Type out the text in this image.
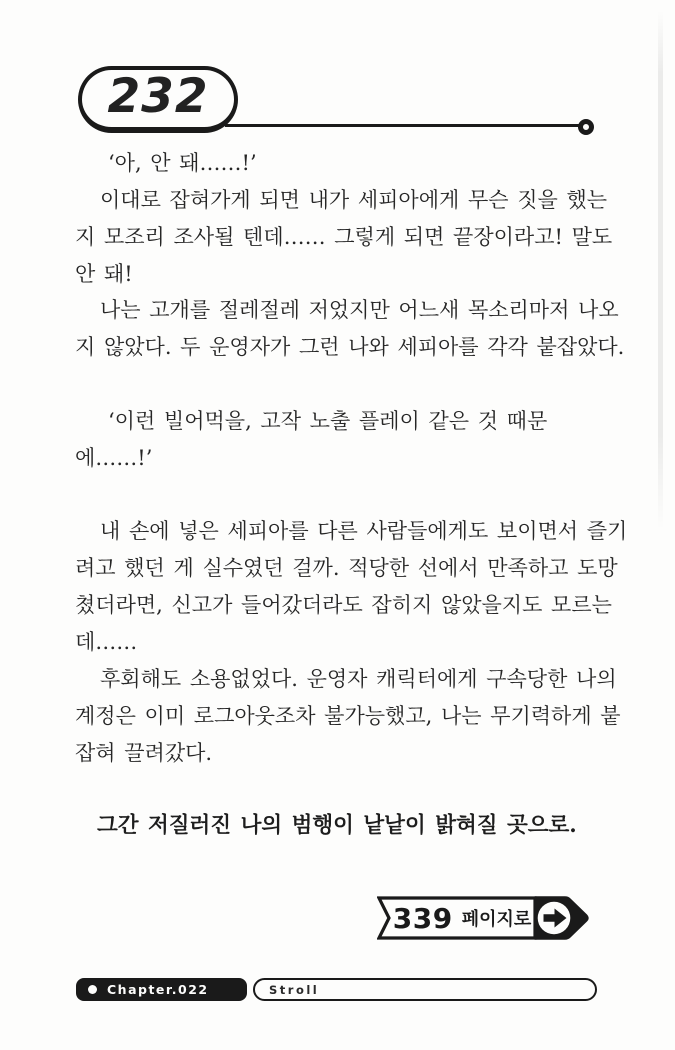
232
‘아, 안 돼……!’
이대로 잡혀가게 되면 내가 세피아에게 무슨 짓을 했는
지 모조리 조사될 텐데…… 그렇게 되면 끝장이라고! 말도
안 돼!
나는 고개를 절레절레 저었지만 어느새 목소리마저 나오
지 않았다. 두 운영자가 그런 나와 세피아를 각각 붙잡았다.
‘이런 빌어먹을, 고작 노출 플레이 같은 것 때문
에……!’
내 손에 넣은 세피아를 다른 사람들에게도 보이면서 즐기
려고 했던 게 실수였던 걸까. 적당한 선에서 만족하고 도망
쳤더라면, 신고가 들어갔더라도 잡히지 않았을지도 모르는
데……
후회해도 소용없었다. 운영자 캐릭터에게 구속당한 나의
계정은 이미 로그아웃조차 불가능했고, 나는 무기력하게 붙
잡혀 끌려갔다.
그간 저질러진 나의 범행이 낱낱이 밝혀질 곳으로.
339 페이지로
Chapter.022	Stroll
